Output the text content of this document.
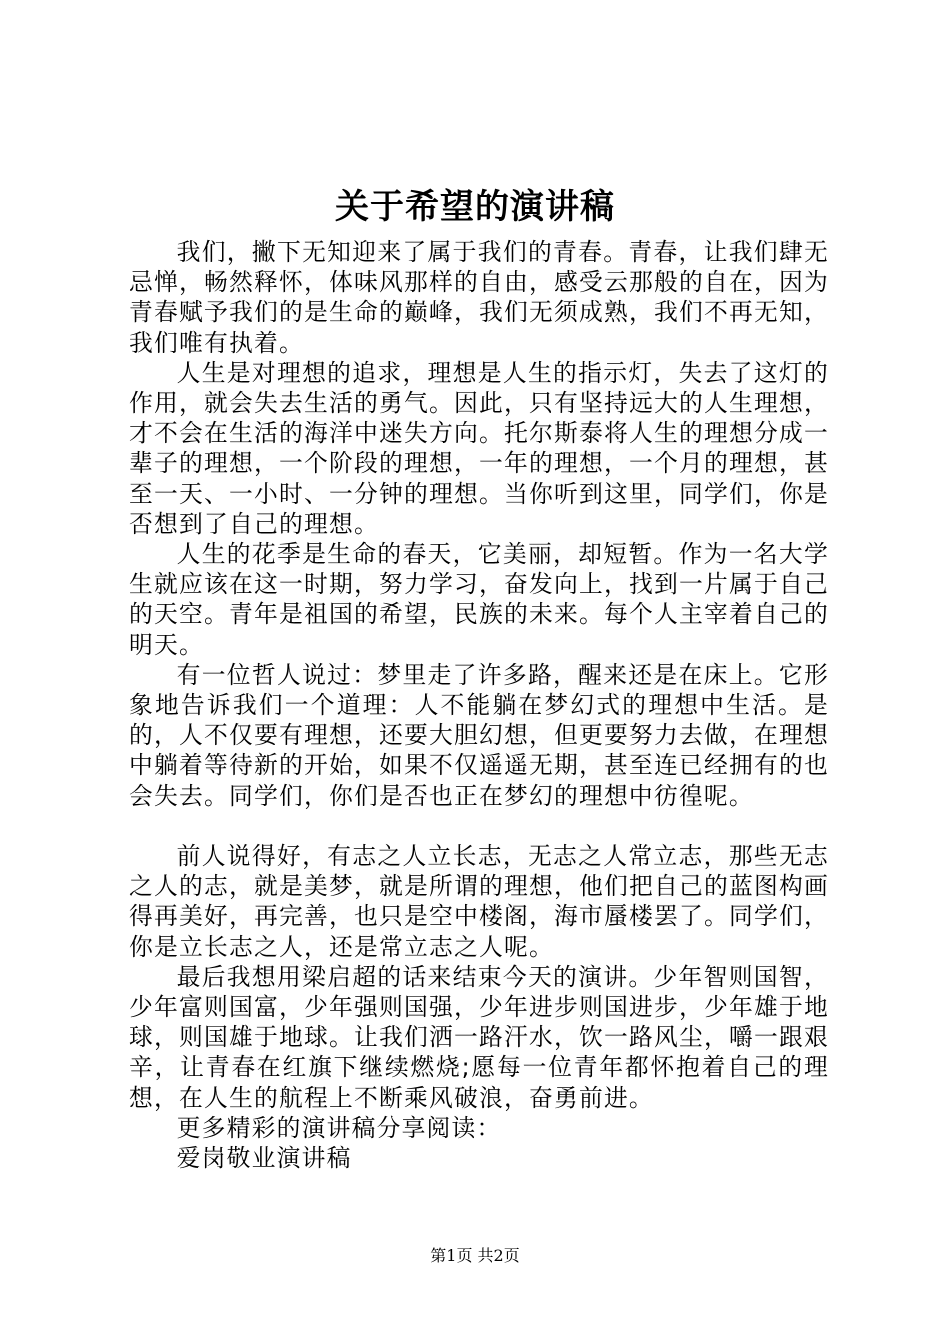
关于希望的演讲稿

我们，撇下无知迎来了属于我们的青春。青春，让我们肆无忌惮，畅然释怀，体味风那样的自由，感受云那般的自在，因为青春赋予我们的是生命的巅峰，我们无须成熟，我们不再无知，我们唯有执着。

人生是对理想的追求，理想是人生的指示灯，失去了这灯的作用，就会失去生活的勇气。因此，只有坚持远大的人生理想，才不会在生活的海洋中迷失方向。托尔斯泰将人生的理想分成一辈子的理想，一个阶段的理想，一年的理想，一个月的理想，甚至一天、一小时、一分钟的理想。当你听到这里，同学们，你是否想到了自己的理想。

人生的花季是生命的春天，它美丽，却短暂。作为一名大学生就应该在这一时期，努力学习，奋发向上，找到一片属于自己的天空。青年是祖国的希望，民族的未来。每个人主宰着自己的明天。

有一位哲人说过：梦里走了许多路，醒来还是在床上。它形象地告诉我们一个道理：人不能躺在梦幻式的理想中生活。是的，人不仅要有理想，还要大胆幻想，但更要努力去做，在理想中躺着等待新的开始，如果不仅遥遥无期，甚至连已经拥有的也会失去。同学们，你们是否也正在梦幻的理想中彷徨呢。

前人说得好，有志之人立长志，无志之人常立志，那些无志之人的志，就是美梦，就是所谓的理想，他们把自己的蓝图构画得再美好，再完善，也只是空中楼阁，海市蜃楼罢了。同学们，你是立长志之人，还是常立志之人呢。

最后我想用梁启超的话来结束今天的演讲。少年智则国智，少年富则国富，少年强则国强，少年进步则国进步，少年雄于地球，则国雄于地球。让我们洒一路汗水，饮一路风尘，嚼一跟艰辛，让青春在红旗下继续燃烧;愿每一位青年都怀抱着自己的理想，在人生的航程上不断乘风破浪，奋勇前进。

更多精彩的演讲稿分享阅读：

爱岗敬业演讲稿

第1页 共2页
